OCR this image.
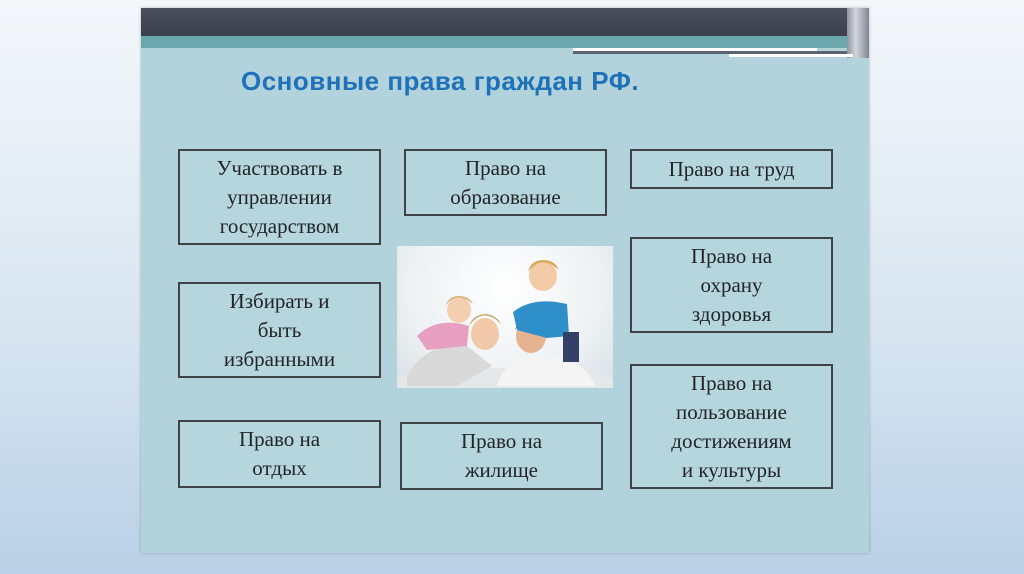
Основные права граждан РФ.
Участвовать в
управлении
государством
Избирать и
быть
избранными
Право на
отдых
Право на
образование
Право на
жилище
Право на труд
Право на
охрану
здоровья
Право на
пользование
достижениям
и культуры
